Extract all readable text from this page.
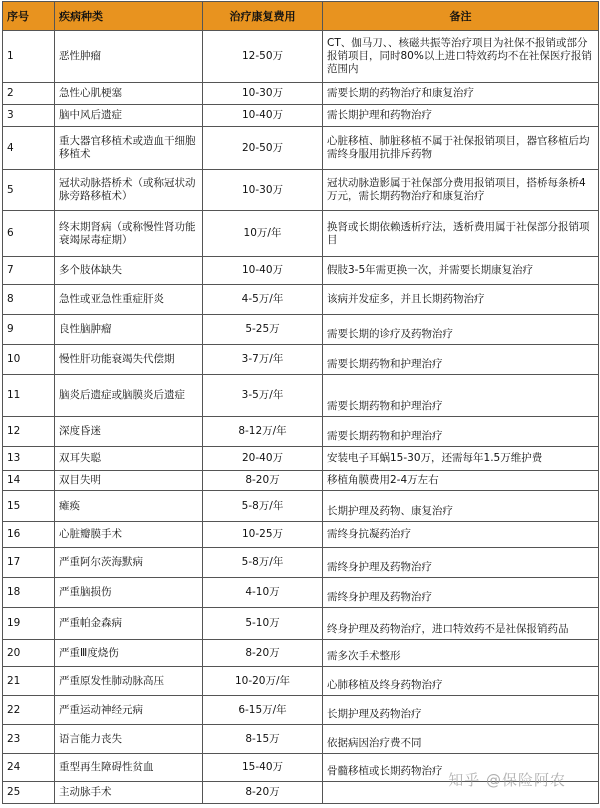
序号	疾病种类	治疗康复费用	备注
1	恶性肿瘤	12-50万	CT、伽马刀、、核磁共振等治疗项目为社保不报销或部分报销项目，同时80%以上进口特效药均不在社保医疗报销范围内
2	急性心肌梗塞	10-30万	需要长期的药物治疗和康复治疗
3	脑中风后遗症	10-40万	需长期护理和药物治疗
4	重大器官移植术或造血干细胞移植术	20-50万	心脏移植、肺脏移植不属于社保报销项目，器官移植后均需终身服用抗排斥药物
5	冠状动脉搭桥术（或称冠状动脉旁路移植术）	10-30万	冠状动脉造影属于社保部分费用报销项目，搭桥每条桥4万元，需长期药物治疗和康复治疗
6	终末期肾病（或称慢性肾功能衰竭尿毒症期）	10万/年	换肾或长期依赖透析疗法，透析费用属于社保部分报销项目
7	多个肢体缺失	10-40万	假肢3-5年需更换一次，并需要长期康复治疗
8	急性或亚急性重症肝炎	4-5万/年	该病并发症多，并且长期药物治疗
9	良性脑肿瘤	5-25万	需要长期的诊疗及药物治疗
10	慢性肝功能衰竭失代偿期	3-7万/年	需要长期药物和护理治疗
11	脑炎后遗症或脑膜炎后遗症	3-5万/年	需要长期药物和护理治疗
12	深度昏迷	8-12万/年	需要长期药物和护理治疗
13	双耳失聪	20-40万	安装电子耳蜗15-30万，还需每年1.5万维护费
14	双目失明	8-20万	移植角膜费用2-4万左右
15	瘫痪	5-8万/年	长期护理及药物、康复治疗
16	心脏瓣膜手术	10-25万	需终身抗凝药治疗
17	严重阿尔茨海默病	5-8万/年	需终身护理及药物治疗
18	严重脑损伤	4-10万	需终身护理及药物治疗
19	严重帕金森病	5-10万	终身护理及药物治疗，进口特效药不是社保报销药品
20	严重Ⅲ度烧伤	8-20万	需多次手术整形
21	严重原发性肺动脉高压	10-20万/年	心肺移植及终身药物治疗
22	严重运动神经元病	6-15万/年	长期护理及药物治疗
23	语言能力丧失	8-15万	依据病因治疗费不同
24	重型再生障碍性贫血	15-40万	骨髓移植或长期药物治疗
25	主动脉手术	8-20万	
知乎 @保险阿农
